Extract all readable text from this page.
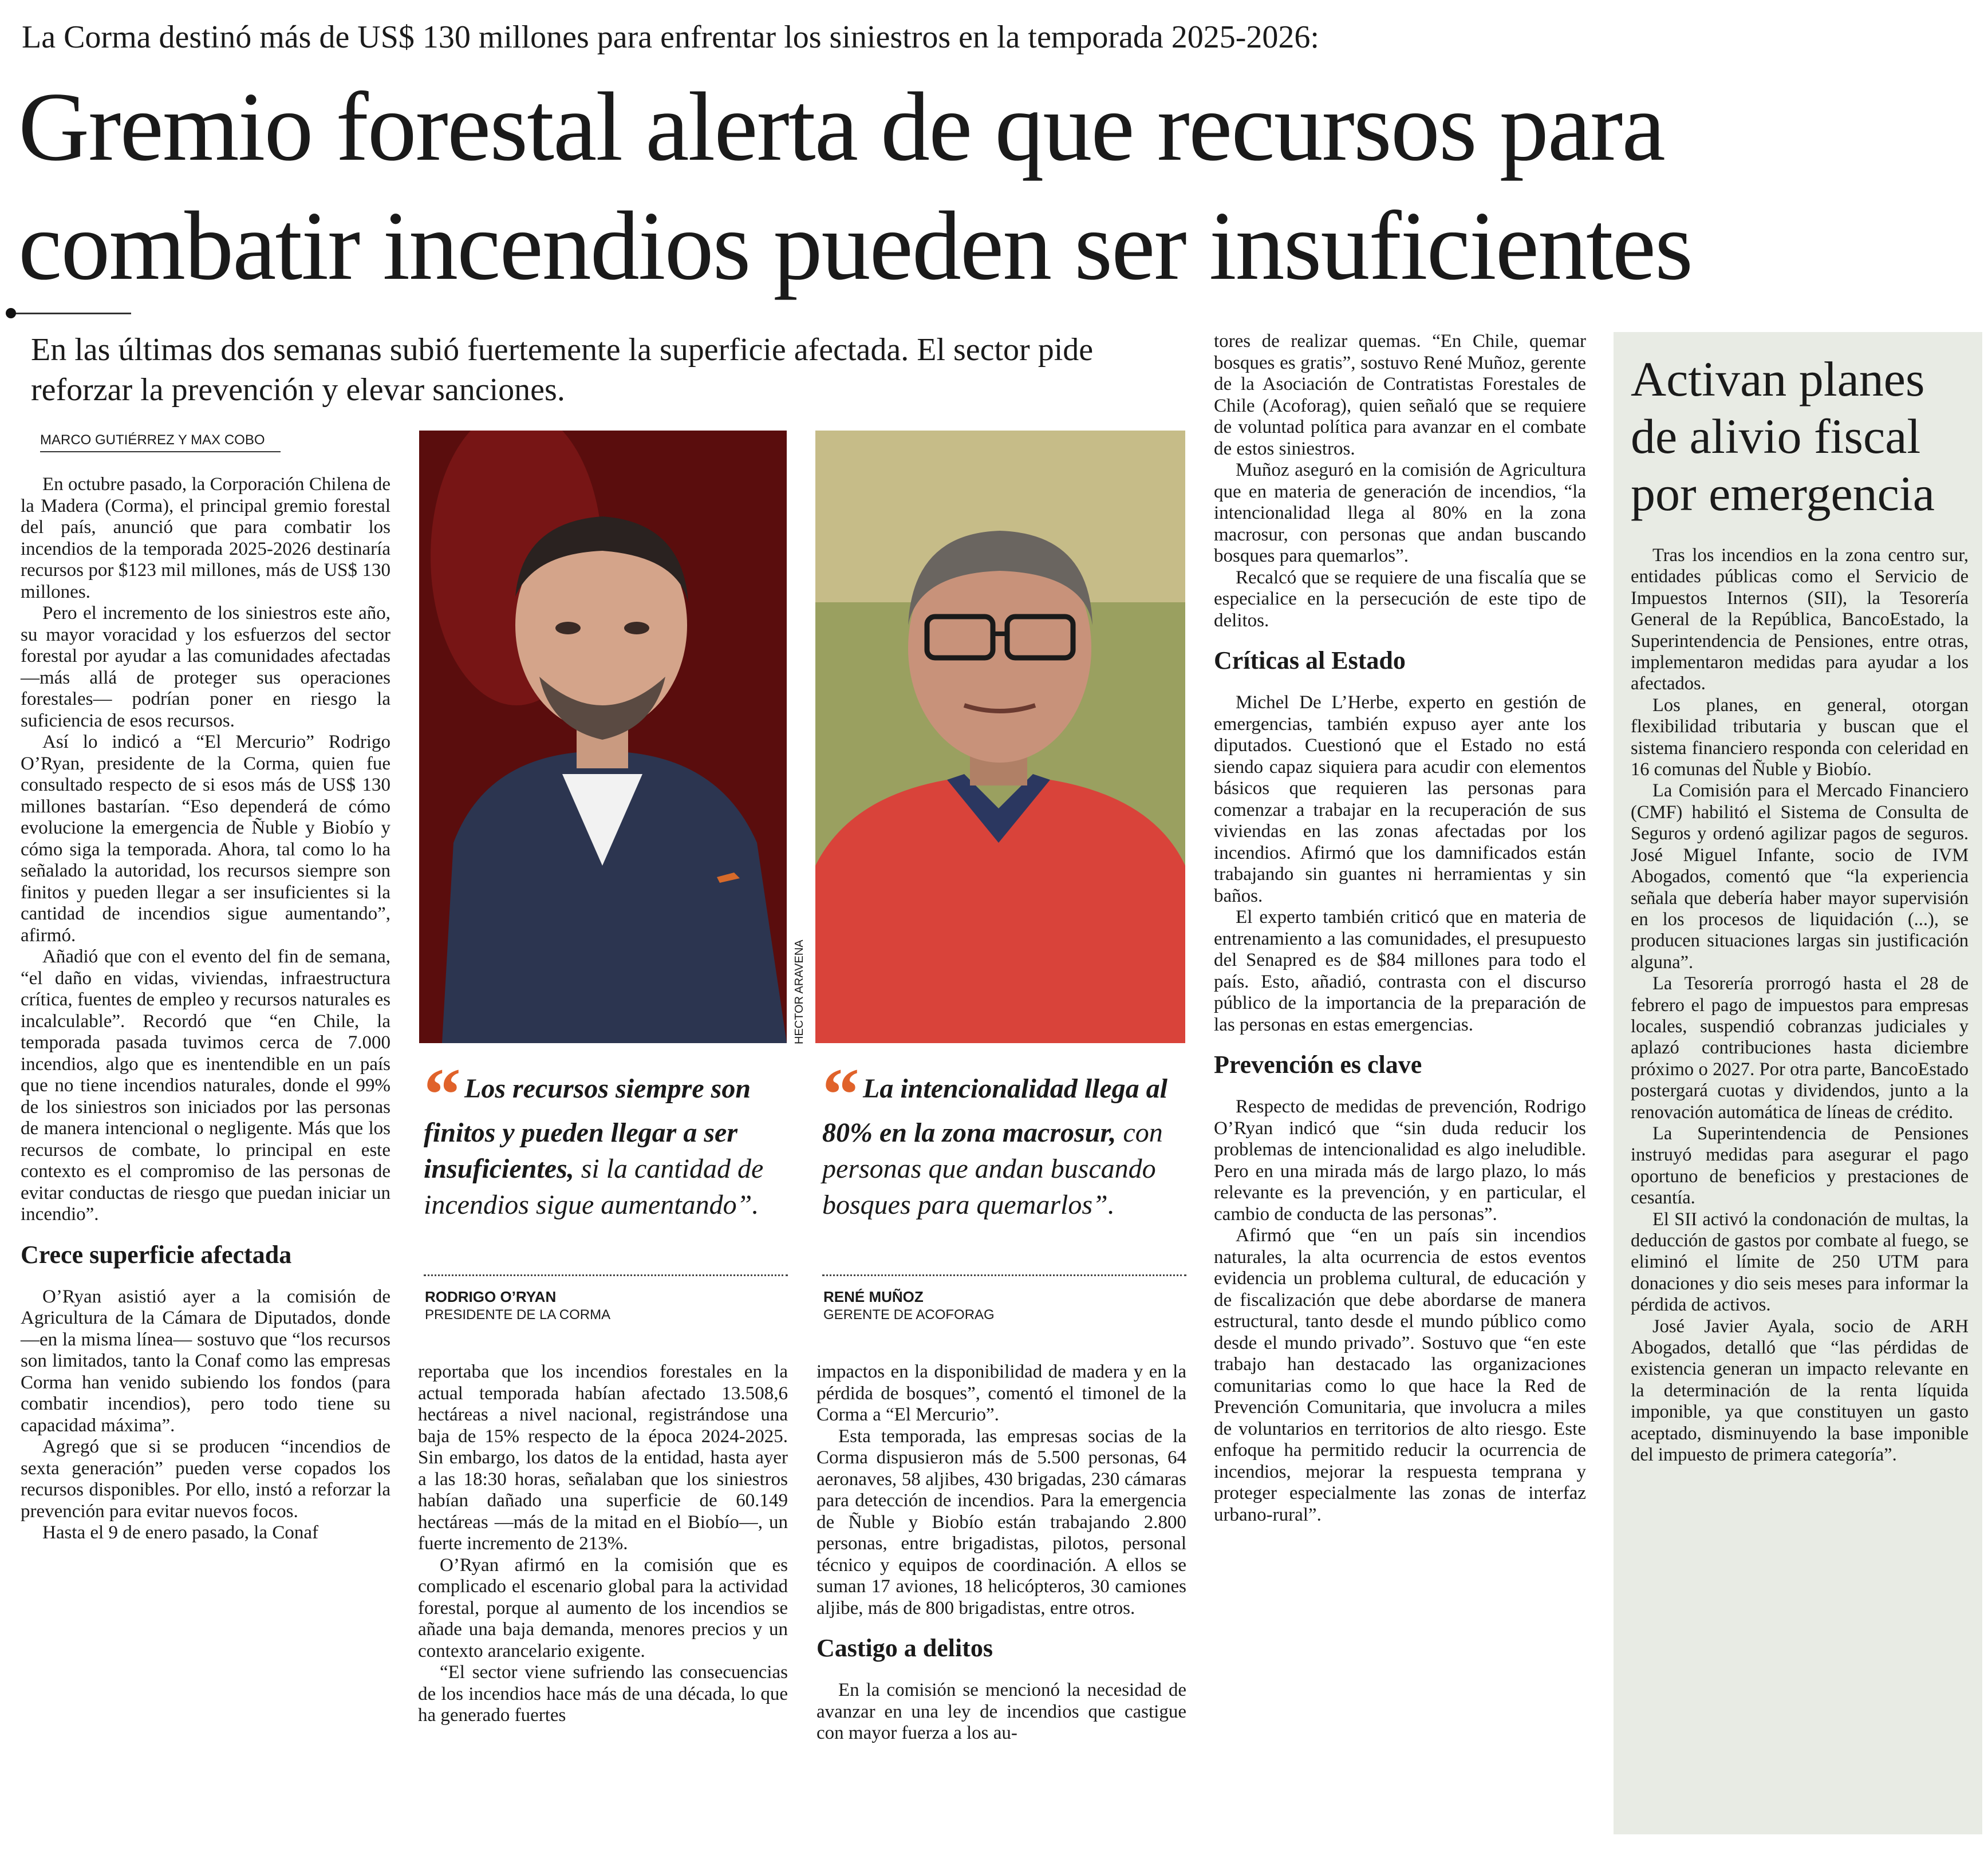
La Corma destinó más de US$ 130 millones para enfrentar los siniestros en la temporada 2025-2026:
Gremio forestal alerta de que recursos para
combatir incendios pueden ser insuficientes
En las últimas dos semanas subió fuertemente la superficie afectada. El sector pide reforzar la prevención y elevar sanciones.
MARCO GUTIÉRREZ Y MAX COBO

En octubre pasado, la Corporación Chilena de la Madera (Corma), el principal gremio forestal del país, anunció que para combatir los incendios de la temporada 2025-2026 destinaría recursos por $123 mil millones, más de US$ 130 millones.

Pero el incremento de los siniestros este año, su mayor voracidad y los esfuerzos del sector forestal por ayudar a las comunidades afectadas —más allá de proteger sus operaciones forestales— podrían poner en riesgo la suficiencia de esos recursos.

Así lo indicó a “El Mercurio” Rodrigo O’Ryan, presidente de la Corma, quien fue consultado respecto de si esos más de US$ 130 millones bastarían. “Eso dependerá de cómo evolucione la emergencia de Ñuble y Biobío y cómo siga la temporada. Ahora, tal como lo ha señalado la autoridad, los recursos siempre son finitos y pueden llegar a ser insuficientes si la cantidad de incendios sigue aumentando”, afirmó.

Añadió que con el evento del fin de semana, “el daño en vidas, viviendas, infraestructura crítica, fuentes de empleo y recursos naturales es incalculable”. Recordó que “en Chile, la temporada pasada tuvimos cerca de 7.000 incendios, algo que es inentendible en un país que no tiene incendios naturales, donde el 99% de los siniestros son iniciados por las personas de manera intencional o negligente. Más que los recursos de combate, lo principal en este contexto es el compromiso de las personas de evitar conductas de riesgo que puedan iniciar un incendio”.

Crece superficie afectada

O’Ryan asistió ayer a la comisión de Agricultura de la Cámara de Diputados, donde —en la misma línea— sostuvo que “los recursos son limitados, tanto la Conaf como las empresas Corma han venido subiendo los fondos (para combatir incendios), pero todo tiene su capacidad máxima”.

Agregó que si se producen “incendios de sexta generación” pueden verse copados los recursos disponibles. Por ello, instó a reforzar la prevención para evitar nuevos focos.

Hasta el 9 de enero pasado, la Conaf

HECTOR ARAVENA
“ Los recursos siempre son finitos y pueden llegar a ser insuficientes, si la cantidad de incendios sigue aumentando”.
RODRIGO O’RYAN
PRESIDENTE DE LA CORMA
“ La intencionalidad llega al 80% en la zona macrosur, con personas que andan buscando bosques para quemarlos”.
RENÉ MUÑOZ
GERENTE DE ACOFORAG

reportaba que los incendios forestales en la actual temporada habían afectado 13.508,6 hectáreas a nivel nacional, registrándose una baja de 15% respecto de la época 2024-2025. Sin embargo, los datos de la entidad, hasta ayer a las 18:30 horas, señalaban que los siniestros habían dañado una superficie de 60.149 hectáreas —más de la mitad en el Biobío—, un fuerte incremento de 213%.

O’Ryan afirmó en la comisión que es complicado el escenario global para la actividad forestal, porque al aumento de los incendios se añade una baja demanda, menores precios y un contexto arancelario exigente.

“El sector viene sufriendo las consecuencias de los incendios hace más de una década, lo que ha generado fuertes

impactos en la disponibilidad de madera y en la pérdida de bosques”, comentó el timonel de la Corma a “El Mercurio”.

Esta temporada, las empresas socias de la Corma dispusieron más de 5.500 personas, 64 aeronaves, 58 aljibes, 430 brigadas, 230 cámaras para detección de incendios. Para la emergencia de Ñuble y Biobío están trabajando 2.800 personas, entre brigadistas, pilotos, personal técnico y equipos de coordinación. A ellos se suman 17 aviones, 18 helicópteros, 30 camiones aljibe, más de 800 brigadistas, entre otros.

Castigo a delitos

En la comisión se mencionó la necesidad de avanzar en una ley de incendios que castigue con mayor fuerza a los au-

tores de realizar quemas. “En Chile, quemar bosques es gratis”, sostuvo René Muñoz, gerente de la Asociación de Contratistas Forestales de Chile (Acoforag), quien señaló que se requiere de voluntad política para avanzar en el combate de estos siniestros.

Muñoz aseguró en la comisión de Agricultura que en materia de generación de incendios, “la intencionalidad llega al 80% en la zona macrosur, con personas que andan buscando bosques para quemarlos”.

Recalcó que se requiere de una fiscalía que se especialice en la persecución de este tipo de delitos.

Críticas al Estado

Michel De L’Herbe, experto en gestión de emergencias, también expuso ayer ante los diputados. Cuestionó que el Estado no está siendo capaz siquiera para acudir con elementos básicos que requieren las personas para comenzar a trabajar en la recuperación de sus viviendas en las zonas afectadas por los incendios. Afirmó que los damnificados están trabajando sin guantes ni herramientas y sin baños.

El experto también criticó que en materia de entrenamiento a las comunidades, el presupuesto del Senapred es de $84 millones para todo el país. Esto, añadió, contrasta con el discurso público de la importancia de la preparación de las personas en estas emergencias.

Prevención es clave

Respecto de medidas de prevención, Rodrigo O’Ryan indicó que “sin duda reducir los problemas de intencionalidad es algo ineludible. Pero en una mirada más de largo plazo, lo más relevante es la prevención, y en particular, el cambio de conducta de las personas”.

Afirmó que “en un país sin incendios naturales, la alta ocurrencia de estos eventos evidencia un problema cultural, de educación y de fiscalización que debe abordarse de manera estructural, tanto desde el mundo público como desde el mundo privado”. Sostuvo que “en este trabajo han destacado las organizaciones comunitarias como lo que hace la Red de Prevención Comunitaria, que involucra a miles de voluntarios en territorios de alto riesgo. Este enfoque ha permitido reducir la ocurrencia de incendios, mejorar la respuesta temprana y proteger especialmente las zonas de interfaz urbano-rural”.

Activan planes de alivio fiscal por emergencia

Tras los incendios en la zona centro sur, entidades públicas como el Servicio de Impuestos Internos (SII), la Tesorería General de la República, BancoEstado, la Superintendencia de Pensiones, entre otras, implementaron medidas para ayudar a los afectados.

Los planes, en general, otorgan flexibilidad tributaria y buscan que el sistema financiero responda con celeridad en 16 comunas del Ñuble y Biobío.

La Comisión para el Mercado Financiero (CMF) habilitó el Sistema de Consulta de Seguros y ordenó agilizar pagos de seguros. José Miguel Infante, socio de IVM Abogados, comentó que “la experiencia señala que debería haber mayor supervisión en los procesos de liquidación (...), se producen situaciones largas sin justificación alguna”.

La Tesorería prorrogó hasta el 28 de febrero el pago de impuestos para empresas locales, suspendió cobranzas judiciales y aplazó contribuciones hasta diciembre próximo o 2027. Por otra parte, BancoEstado postergará cuotas y dividendos, junto a la renovación automática de líneas de crédito.

La Superintendencia de Pensiones instruyó medidas para asegurar el pago oportuno de beneficios y prestaciones de cesantía.

El SII activó la condonación de multas, la deducción de gastos por combate al fuego, se eliminó el límite de 250 UTM para donaciones y dio seis meses para informar la pérdida de activos.

José Javier Ayala, socio de ARH Abogados, detalló que “las pérdidas de existencia generan un impacto relevante en la determinación de la renta líquida imponible, ya que constituyen un gasto aceptado, disminuyendo la base imponible del impuesto de primera categoría”.
